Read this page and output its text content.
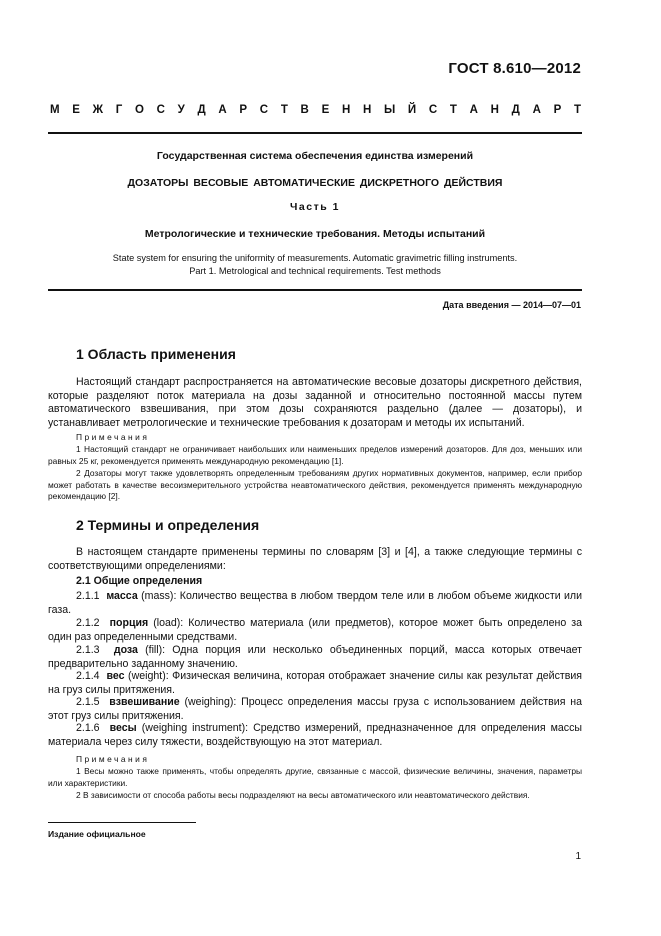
ГОСТ 8.610—2012
М Е Ж Г О С У Д А Р С Т В Е Н Н Ы Й С Т А Н Д А Р Т
Государственная система обеспечения единства измерений
ДОЗАТОРЫ ВЕСОВЫЕ АВТОМАТИЧЕСКИЕ ДИСКРЕТНОГО ДЕЙСТВИЯ
Часть 1
Метрологические и технические требования. Методы испытаний
State system for ensuring the uniformity of measurements. Automatic gravimetric filling instruments.
Part 1. Metrological and technical requirements. Test methods
Дата введения — 2014—07—01
1 Область применения
Настоящий стандарт распространяется на автоматические весовые дозаторы дискретного действия, которые разделяют поток материала на дозы заданной и относительно постоянной массы путем автоматического взвешивания, при этом дозы сохраняются раздельно (далее — дозаторы), и устанавливает метрологические и технические требования к дозаторам и методы их испытаний.
Примечания
1 Настоящий стандарт не ограничивает наибольших или наименьших пределов измерений дозаторов. Для доз, меньших или равных 25 кг, рекомендуется применять международную рекомендацию [1].
2 Дозаторы могут также удовлетворять определенным требованиям других нормативных документов, например, если прибор может работать в качестве весоизмерительного устройства неавтоматического действия, рекомендуется применять международную рекомендацию [2].
2 Термины и определения
В настоящем стандарте применены термины по словарям [3] и [4], а также следующие термины с соответствующими определениями:
2.1 Общие определения
2.1.1 масса (mass): Количество вещества в любом твердом теле или в любом объеме жидкости или газа.
2.1.2 порция (load): Количество материала (или предметов), которое может быть определено за один раз определенными средствами.
2.1.3 доза (fill): Одна порция или несколько объединенных порций, масса которых отвечает предварительно заданному значению.
2.1.4 вес (weight): Физическая величина, которая отображает значение силы как результат действия на груз силы притяжения.
2.1.5 взвешивание (weighing): Процесс определения массы груза с использованием действия на этот груз силы притяжения.
2.1.6 весы (weighing instrument): Средство измерений, предназначенное для определения массы материала через силу тяжести, воздействующую на этот материал.
Примечания
1 Весы можно также применять, чтобы определять другие, связанные с массой, физические величины, значения, параметры или характеристики.
2 В зависимости от способа работы весы подразделяют на весы автоматического или неавтоматического действия.
Издание официальное
1
